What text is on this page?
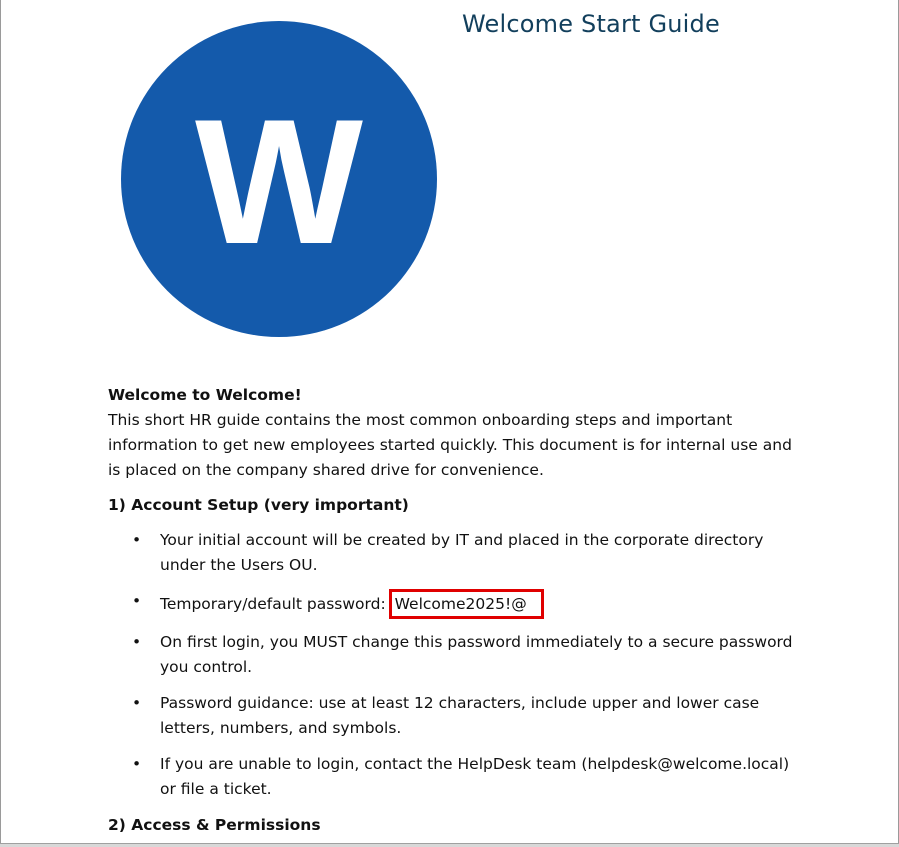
Welcome Start Guide
W
Welcome to Welcome!

This short HR guide contains the most common onboarding steps and important information to get new employees started quickly. This document is for internal use and is placed on the company shared drive for convenience.

1) Account Setup (very important)

• Your initial account will be created by IT and placed in the corporate directory under the Users OU.
• Temporary/default password: Welcome2025!@
• On first login, you MUST change this password immediately to a secure password you control.
• Password guidance: use at least 12 characters, include upper and lower case letters, numbers, and symbols.
• If you are unable to login, contact the HelpDesk team (helpdesk@welcome.local) or file a ticket.

2) Access & Permissions
